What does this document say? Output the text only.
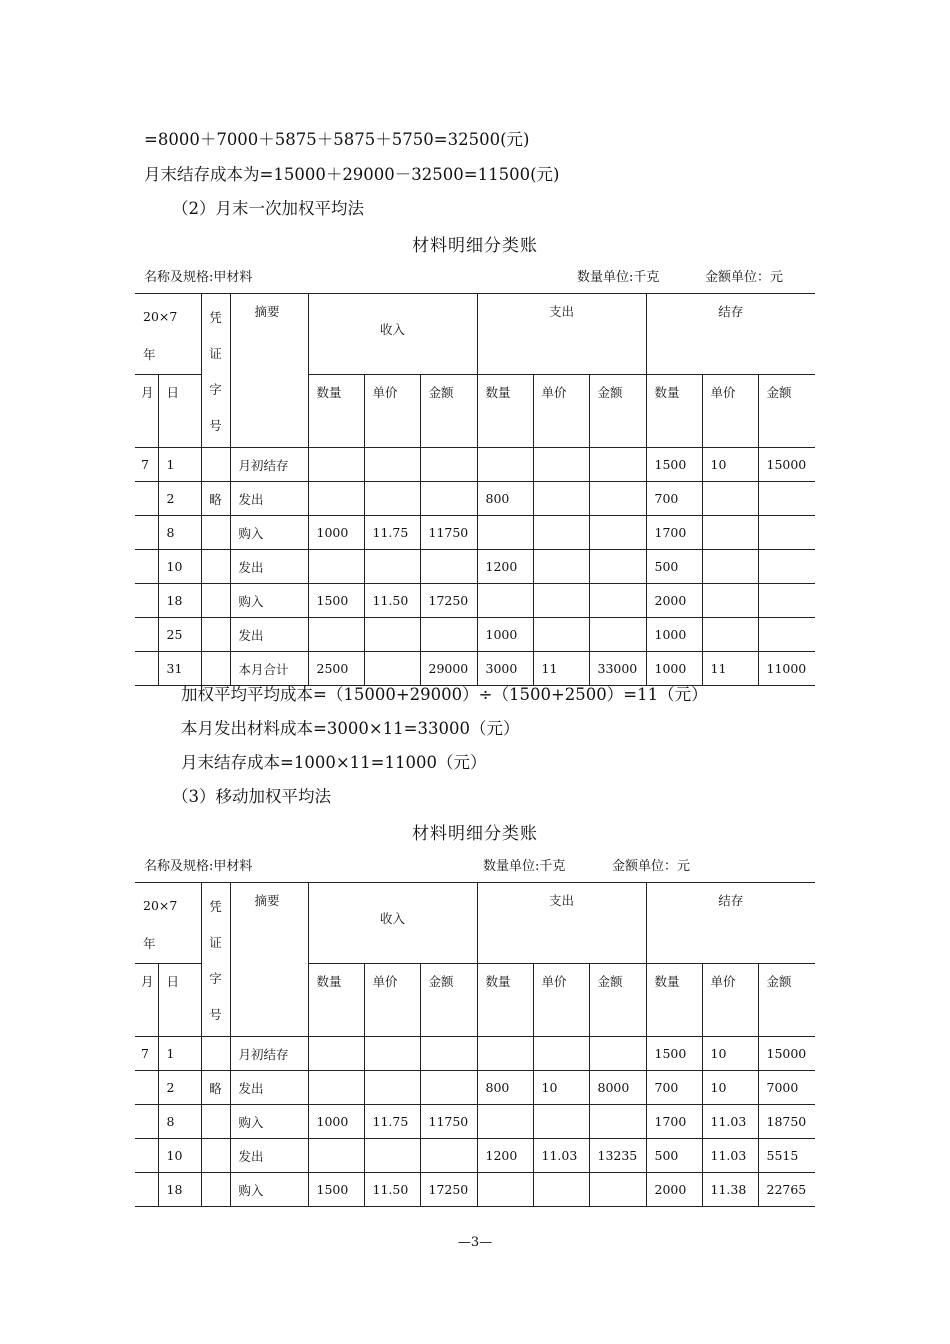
=8000＋7000＋5875＋5875＋5750=32500(元)
月末结存成本为=15000＋29000－32500=11500(元)
（2）月末一次加权平均法
材料明细分类账
名称及规格:甲材料	数量单位:千克	金额单位：元
20×7
年		凭
证
字
号	摘要	收入			支出			结存		
月	日			数量	单价	金额	数量	单价	金额	数量	单价	金额
7	1		月初结存							1500	10	15000
	2	略	发出				800			700		
	8		购入	1000	11.75	11750				1700		
	10		发出				1200			500		
	18		购入	1500	11.50	17250				2000		
	25		发出				1000			1000		
	31		本月合计	2500		29000	3000	11	33000	1000	11	11000
加权平均平均成本=（15000+29000）÷（1500+2500）=11（元）
本月发出材料成本=3000×11=33000（元）
月末结存成本=1000×11=11000（元）
（3）移动加权平均法
材料明细分类账
名称及规格:甲材料	数量单位:千克	金额单位：元
20×7
年		凭
证
字
号	摘要	收入			支出			结存		
月	日			数量	单价	金额	数量	单价	金额	数量	单价	金额
7	1		月初结存							1500	10	15000
	2	略	发出				800	10	8000	700	10	7000
	8		购入	1000	11.75	11750				1700	11.03	18750
	10		发出				1200	11.03	13235	500	11.03	5515
	18		购入	1500	11.50	17250				2000	11.38	22765
—3—
